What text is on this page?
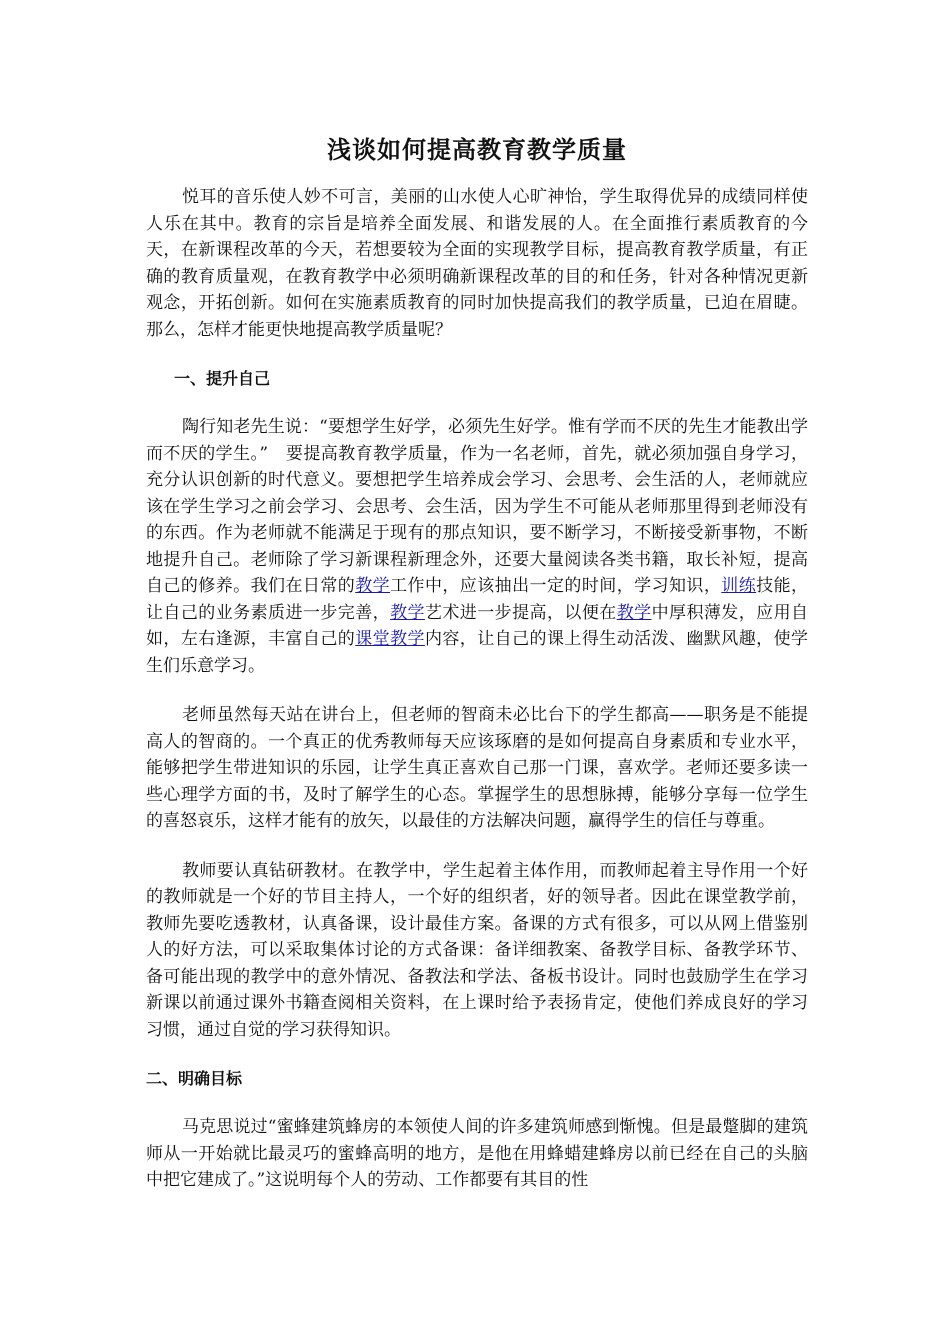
浅谈如何提高教育教学质量

悦耳的音乐使人妙不可言，美丽的山水使人心旷神怡，学生取得优异的成绩同样使人乐在其中。教育的宗旨是培养全面发展、和谐发展的人。在全面推行素质教育的今天，在新课程改革的今天，若想要较为全面的实现教学目标，提高教育教学质量，有正确的教育质量观，在教育教学中必须明确新课程改革的目的和任务，针对各种情况更新观念，开拓创新。如何在实施素质教育的同时加快提高我们的教学质量，已迫在眉睫。那么，怎样才能更快地提高教学质量呢？

一、提升自己

陶行知老先生说：“要想学生好学，必须先生好学。惟有学而不厌的先生才能教出学而不厌的学生。”　要提高教育教学质量，作为一名老师，首先，就必须加强自身学习，充分认识创新的时代意义。要想把学生培养成会学习、会思考、会生活的人，老师就应该在学生学习之前会学习、会思考、会生活，因为学生不可能从老师那里得到老师没有的东西。作为老师就不能满足于现有的那点知识，要不断学习，不断接受新事物，不断地提升自己。老师除了学习新课程新理念外，还要大量阅读各类书籍，取长补短，提高自己的修养。我们在日常的教学工作中，应该抽出一定的时间，学习知识，训练技能，让自己的业务素质进一步完善，教学艺术进一步提高，以便在教学中厚积薄发，应用自如，左右逢源，丰富自己的课堂教学内容，让自己的课上得生动活泼、幽默风趣，使学生们乐意学习。

老师虽然每天站在讲台上，但老师的智商未必比台下的学生都高——职务是不能提高人的智商的。一个真正的优秀教师每天应该琢磨的是如何提高自身素质和专业水平，能够把学生带进知识的乐园，让学生真正喜欢自己那一门课，喜欢学。老师还要多读一些心理学方面的书，及时了解学生的心态。掌握学生的思想脉搏，能够分享每一位学生的喜怒哀乐，这样才能有的放矢，以最佳的方法解决问题，赢得学生的信任与尊重。

教师要认真钻研教材。在教学中，学生起着主体作用，而教师起着主导作用一个好的教师就是一个好的节目主持人，一个好的组织者，好的领导者。因此在课堂教学前，教师先要吃透教材，认真备课，设计最佳方案。备课的方式有很多，可以从网上借鉴别人的好方法，可以采取集体讨论的方式备课：备详细教案、备教学目标、备教学环节、备可能出现的教学中的意外情况、备教法和学法、备板书设计。同时也鼓励学生在学习新课以前通过课外书籍查阅相关资料，在上课时给予表扬肯定，使他们养成良好的学习习惯，通过自觉的学习获得知识。

二、明确目标

马克思说过“蜜蜂建筑蜂房的本领使人间的许多建筑师感到惭愧。但是最蹩脚的建筑师从一开始就比最灵巧的蜜蜂高明的地方，是他在用蜂蜡建蜂房以前已经在自己的头脑中把它建成了。”这说明每个人的劳动、工作都要有其目的性
